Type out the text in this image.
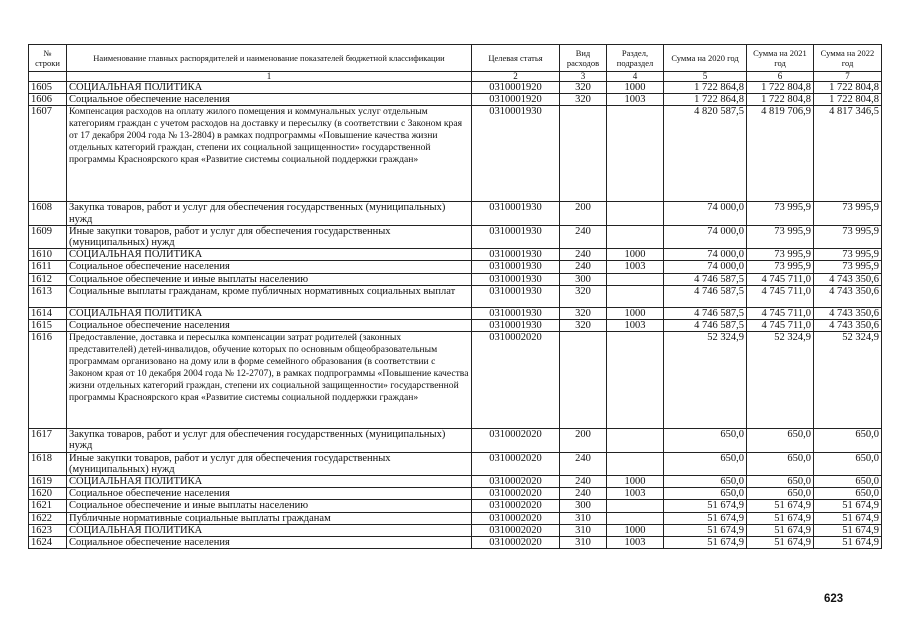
№ строки	Наименование главных распорядителей и наименование показателей бюджетной классификации	Целевая статья	Вид расходов	Раздел, подраздел	Сумма на 2020 год	Сумма на 2021 год	Сумма на 2022 год
	1	2	3	4	5	6	7
1605	СОЦИАЛЬНАЯ ПОЛИТИКА	0310001920	320	1000	1 722 864,8	1 722 804,8	1 722 804,8
1606	Социальное обеспечение населения	0310001920	320	1003	1 722 864,8	1 722 804,8	1 722 804,8
1607	Компенсация расходов на оплату жилого помещения и коммунальных услуг отдельным категориям граждан с учетом расходов на доставку и пересылку (в соответствии с Законом края от 17 декабря 2004 года № 13-2804) в рамках подпрограммы «Повышение качества жизни отдельных категорий граждан, степени их социальной защищенности» государственной программы Красноярского края «Развитие системы социальной поддержки граждан»	0310001930			4 820 587,5	4 819 706,9	4 817 346,5
1608	Закупка товаров, работ и услуг для обеспечения государственных (муниципальных) нужд	0310001930	200		74 000,0	73 995,9	73 995,9
1609	Иные закупки товаров, работ и услуг для обеспечения государственных (муниципальных) нужд	0310001930	240		74 000,0	73 995,9	73 995,9
1610	СОЦИАЛЬНАЯ ПОЛИТИКА	0310001930	240	1000	74 000,0	73 995,9	73 995,9
1611	Социальное обеспечение населения	0310001930	240	1003	74 000,0	73 995,9	73 995,9
1612	Социальное обеспечение и иные выплаты населению	0310001930	300		4 746 587,5	4 745 711,0	4 743 350,6
1613	Социальные выплаты гражданам, кроме публичных нормативных социальных выплат	0310001930	320		4 746 587,5	4 745 711,0	4 743 350,6
1614	СОЦИАЛЬНАЯ ПОЛИТИКА	0310001930	320	1000	4 746 587,5	4 745 711,0	4 743 350,6
1615	Социальное обеспечение населения	0310001930	320	1003	4 746 587,5	4 745 711,0	4 743 350,6
1616	Предоставление, доставка и пересылка компенсации затрат родителей (законных представителей) детей-инвалидов, обучение которых по основным общеобразовательным программам организовано на дому или в форме семейного образования (в соответствии с Законом края от 10 декабря 2004 года № 12-2707), в рамках подпрограммы «Повышение качества жизни отдельных категорий граждан, степени их социальной защищенности» государственной программы Красноярского края «Развитие системы социальной поддержки граждан»	0310002020			52 324,9	52 324,9	52 324,9
1617	Закупка товаров, работ и услуг для обеспечения государственных (муниципальных) нужд	0310002020	200		650,0	650,0	650,0
1618	Иные закупки товаров, работ и услуг для обеспечения государственных (муниципальных) нужд	0310002020	240		650,0	650,0	650,0
1619	СОЦИАЛЬНАЯ ПОЛИТИКА	0310002020	240	1000	650,0	650,0	650,0
1620	Социальное обеспечение населения	0310002020	240	1003	650,0	650,0	650,0
1621	Социальное обеспечение и иные выплаты населению	0310002020	300		51 674,9	51 674,9	51 674,9
1622	Публичные нормативные социальные выплаты гражданам	0310002020	310		51 674,9	51 674,9	51 674,9
1623	СОЦИАЛЬНАЯ ПОЛИТИКА	0310002020	310	1000	51 674,9	51 674,9	51 674,9
1624	Социальное обеспечение населения	0310002020	310	1003	51 674,9	51 674,9	51 674,9
623
